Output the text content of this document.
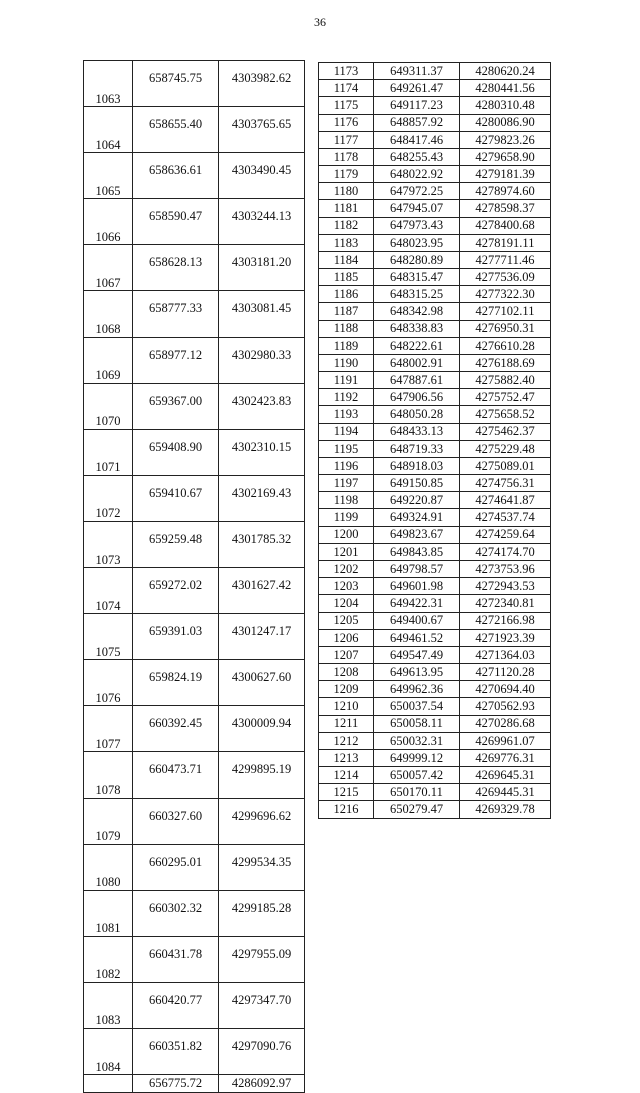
36
1063	658745.75	4303982.62
1064	658655.40	4303765.65
1065	658636.61	4303490.45
1066	658590.47	4303244.13
1067	658628.13	4303181.20
1068	658777.33	4303081.45
1069	658977.12	4302980.33
1070	659367.00	4302423.83
1071	659408.90	4302310.15
1072	659410.67	4302169.43
1073	659259.48	4301785.32
1074	659272.02	4301627.42
1075	659391.03	4301247.17
1076	659824.19	4300627.60
1077	660392.45	4300009.94
1078	660473.71	4299895.19
1079	660327.60	4299696.62
1080	660295.01	4299534.35
1081	660302.32	4299185.28
1082	660431.78	4297955.09
1083	660420.77	4297347.70
1084	660351.82	4297090.76
	656775.72	4286092.97
1173	649311.37	4280620.24
1174	649261.47	4280441.56
1175	649117.23	4280310.48
1176	648857.92	4280086.90
1177	648417.46	4279823.26
1178	648255.43	4279658.90
1179	648022.92	4279181.39
1180	647972.25	4278974.60
1181	647945.07	4278598.37
1182	647973.43	4278400.68
1183	648023.95	4278191.11
1184	648280.89	4277711.46
1185	648315.47	4277536.09
1186	648315.25	4277322.30
1187	648342.98	4277102.11
1188	648338.83	4276950.31
1189	648222.61	4276610.28
1190	648002.91	4276188.69
1191	647887.61	4275882.40
1192	647906.56	4275752.47
1193	648050.28	4275658.52
1194	648433.13	4275462.37
1195	648719.33	4275229.48
1196	648918.03	4275089.01
1197	649150.85	4274756.31
1198	649220.87	4274641.87
1199	649324.91	4274537.74
1200	649823.67	4274259.64
1201	649843.85	4274174.70
1202	649798.57	4273753.96
1203	649601.98	4272943.53
1204	649422.31	4272340.81
1205	649400.67	4272166.98
1206	649461.52	4271923.39
1207	649547.49	4271364.03
1208	649613.95	4271120.28
1209	649962.36	4270694.40
1210	650037.54	4270562.93
1211	650058.11	4270286.68
1212	650032.31	4269961.07
1213	649999.12	4269776.31
1214	650057.42	4269645.31
1215	650170.11	4269445.31
1216	650279.47	4269329.78
